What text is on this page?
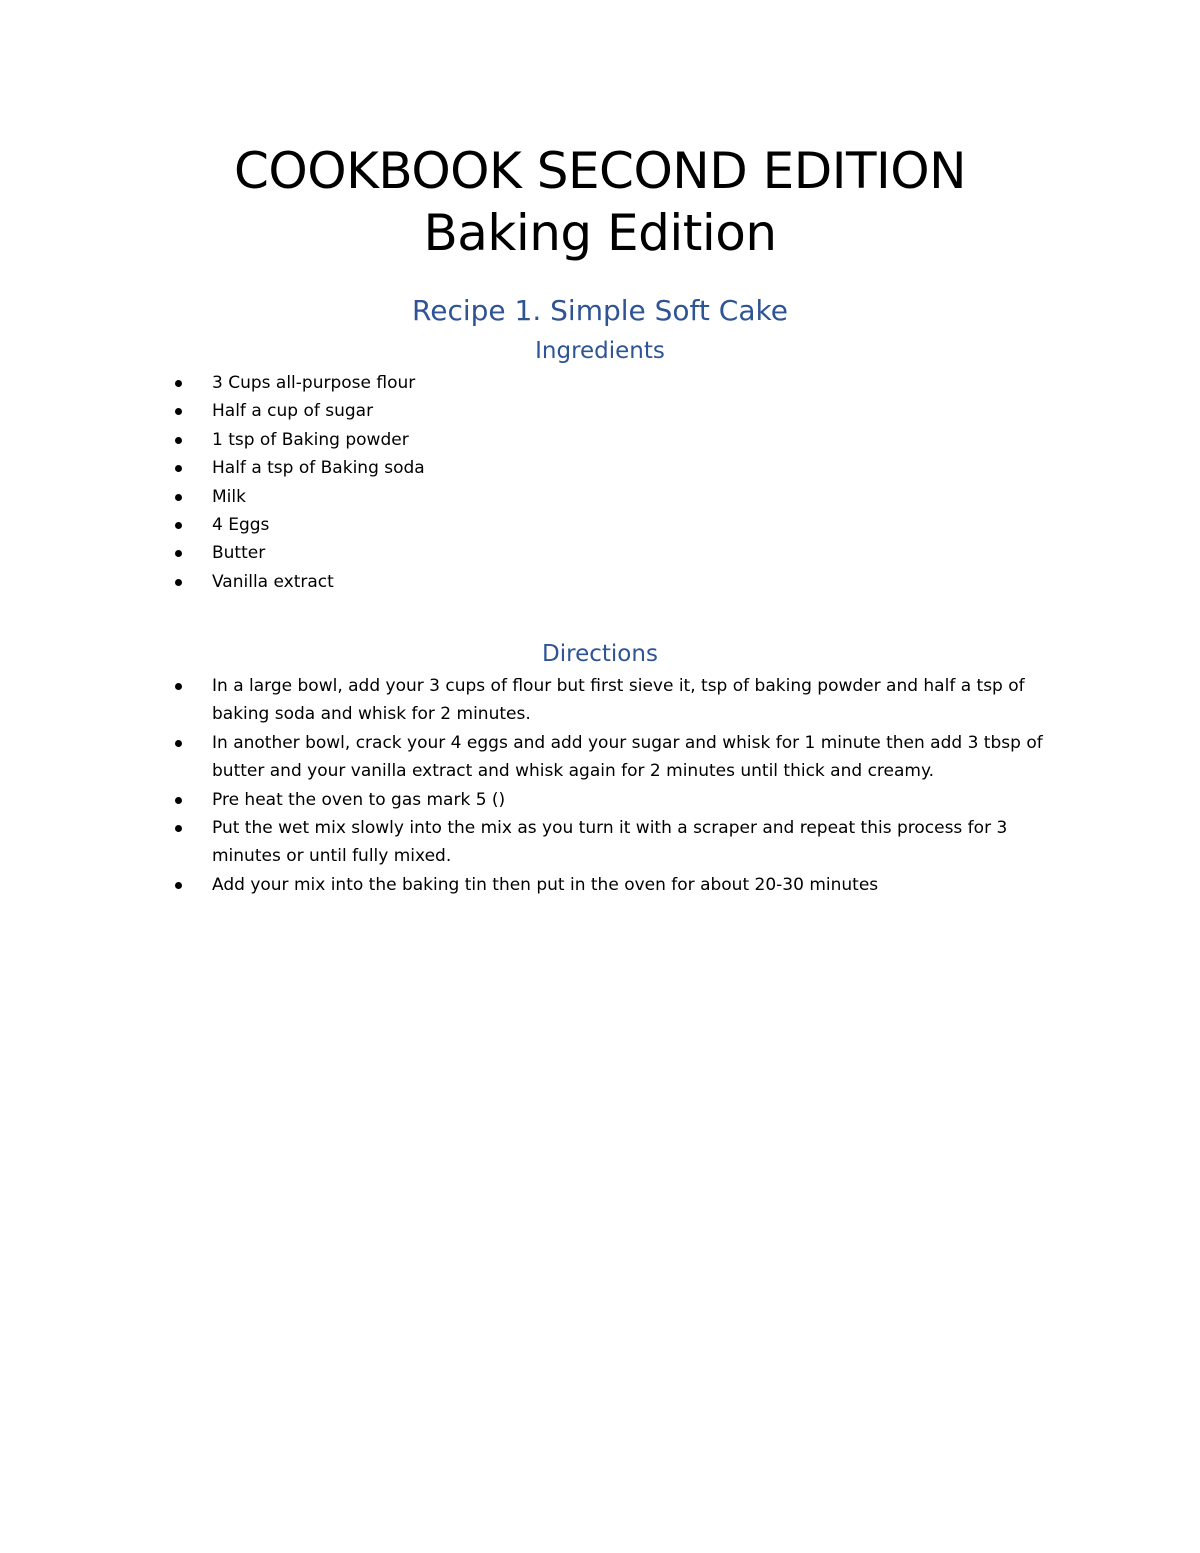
COOKBOOK SECOND EDITION
Baking Edition
Recipe 1. Simple Soft Cake
Ingredients
3 Cups all-purpose flour
Half a cup of sugar
1 tsp of Baking powder
Half a tsp of Baking soda
Milk
4 Eggs
Butter
Vanilla extract
Directions
In a large bowl, add your 3 cups of flour but first sieve it, tsp of baking powder and half a tsp of baking soda and whisk for 2 minutes.
In another bowl, crack your 4 eggs and add your sugar and whisk for 1 minute then add 3 tbsp of butter and your vanilla extract and whisk again for 2 minutes until thick and creamy.
Pre heat the oven to gas mark 5 ()
Put the wet mix slowly into the mix as you turn it with a scraper and repeat this process for 3 minutes or until fully mixed.
Add your mix into the baking tin then put in the oven for about 20-30 minutes
